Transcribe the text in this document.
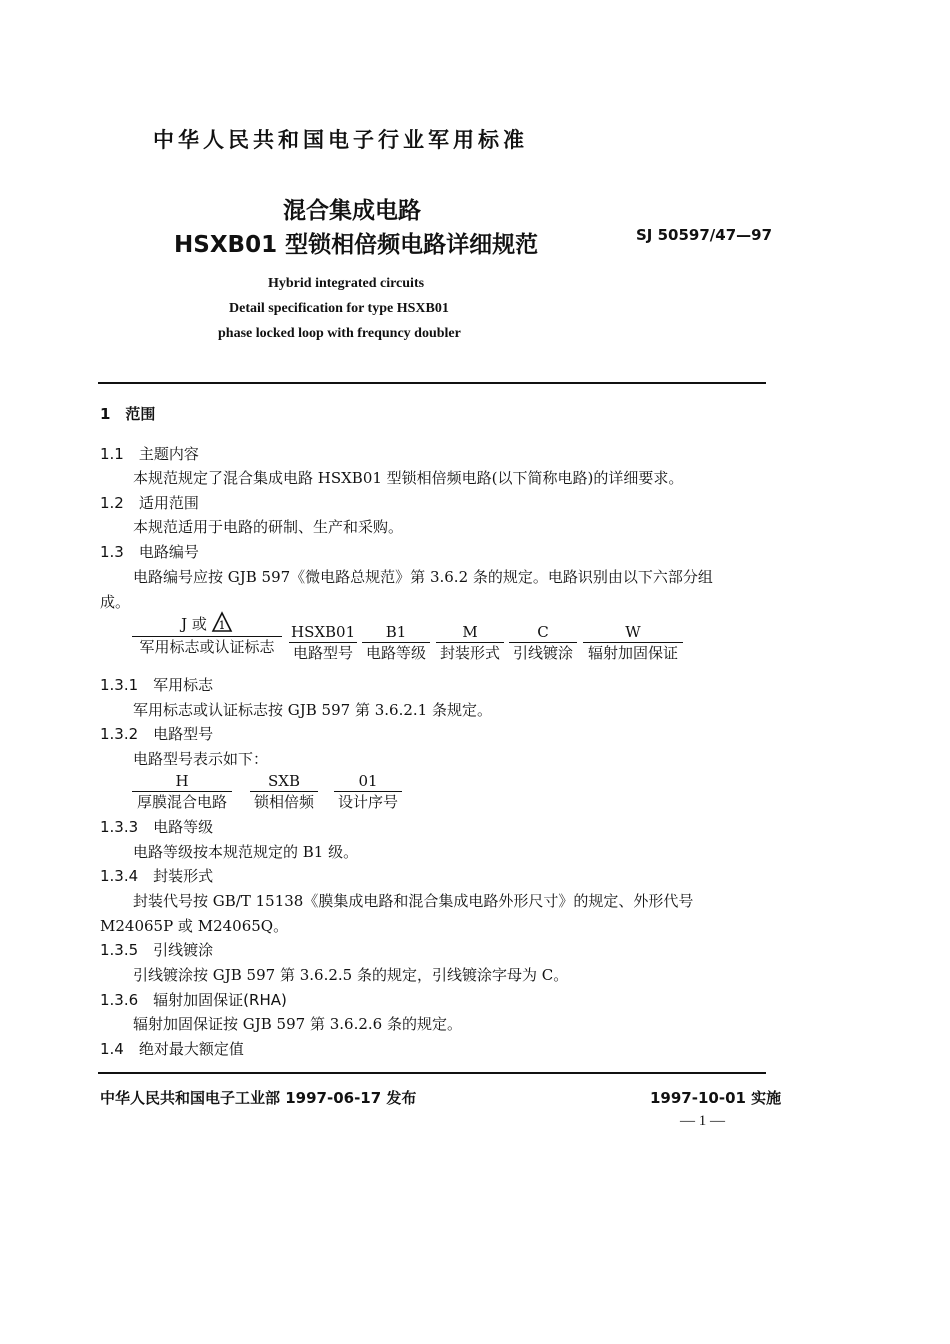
中华人民共和国电子行业军用标准
混合集成电路
HSXB01 型锁相倍频电路详细规范	SJ 50597/47—97
Hybrid integrated circuits
Detail specification for type HSXB01
phase locked loop with frequncy doubler
1　范围
1.1　主题内容
本规范规定了混合集成电路 HSXB01 型锁相倍频电路(以下简称电路)的详细要求。
1.2　适用范围
本规范适用于电路的研制、生产和采购。
1.3　电路编号
电路编号应按 GJB 597《微电路总规范》第 3.6.2 条的规定。电路识别由以下六部分组
成。
J 或 1
军用标志或认证标志
HSXB01
电路型号
B1
电路等级
M
封装形式
C
引线镀涂
W
辐射加固保证
1.3.1　军用标志
军用标志或认证标志按 GJB 597 第 3.6.2.1 条规定。
1.3.2　电路型号
电路型号表示如下：
H
厚膜混合电路
SXB
锁相倍频
01
设计序号
1.3.3　电路等级
电路等级按本规范规定的 B1 级。
1.3.4　封装形式
封装代号按 GB/T 15138《膜集成电路和混合集成电路外形尺寸》的规定、外形代号
M24065P 或 M24065Q。
1.3.5　引线镀涂
引线镀涂按 GJB 597 第 3.6.2.5 条的规定，引线镀涂字母为 C。
1.3.6　辐射加固保证(RHA)
辐射加固保证按 GJB 597 第 3.6.2.6 条的规定。
1.4　绝对最大额定值
中华人民共和国电子工业部 1997-06-17 发布	1997-10-01 实施
— 1 —
